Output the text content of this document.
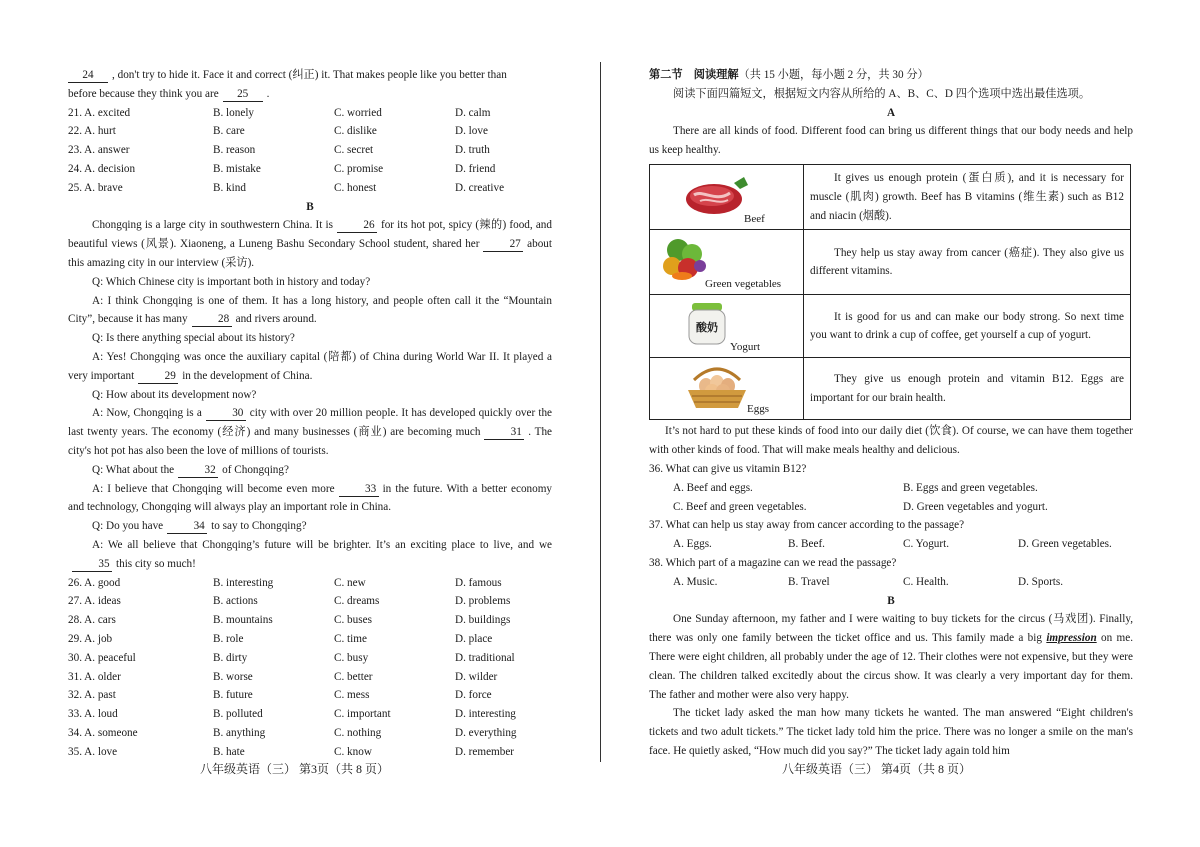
24 , don't try to hide it. Face it and correct (纠正) it. That makes people like you better than
before because they think you are 25 .
21. A. excited	B. lonely	C. worried	D. calm
22. A. hurt	B. care	C. dislike	D. love
23. A. answer	B. reason	C. secret	D. truth
24. A. decision	B. mistake	C. promise	D. friend
25. A. brave	B. kind	C. honest	D. creative
B
Chongqing is a large city in southwestern China. It is	26 for its hot pot, spicy (辣的) food, and beautiful views (风景). Xiaoneng, a Luneng Bashu Secondary School student, shared her	27 about this amazing city in our interview (采访).
Q: Which Chinese city is important both in history and today?
A: I think Chongqing is one of them. It has a long history, and people often call it the “Mountain City”, because it has many	28 and rivers around.
Q: Is there anything special about its history?
A: Yes! Chongqing was once the auxiliary capital (陪都) of China during World War II. It played a very important	29 in the development of China.
Q: How about its development now?
A: Now, Chongqing is a	30 city with over 20 million people. It has developed quickly over the last twenty years. The economy (经济) and many businesses (商业) are becoming much	31 . The city's hot pot has also been the love of millions of tourists.
Q: What about the	32 of Chongqing?
A: I believe that Chongqing will become even more	33 in the future. With a better economy and technology, Chongqing will always play an important role in China.
Q: Do you have	34 to say to Chongqing?
A: We all believe that Chongqing’s future will be brighter. It’s an exciting place to live, and we35 this city so much!
26. A. good	B. interesting	C. new	D. famous
27. A. ideas	B. actions	C. dreams	D. problems
28. A. cars	B. mountains	C. buses	D. buildings
29. A. job	B. role	C. time	D. place
30. A. peaceful	B. dirty	C. busy	D. traditional
31. A. older	B. worse	C. better	D. wilder
32. A. past	B. future	C. mess	D. force
33. A. loud	B. polluted	C. important	D. interesting
34. A. someone	B. anything	C. nothing	D. everything
35. A. love	B. hate	C. know	D. remember
第二节　阅读理解（共 15 小题，每小题 2 分，共 30 分）
阅读下面四篇短文，根据短文内容从所给的 A、B、C、D 四个选项中选出最佳选项。
A
There are all kinds of food. Different food can bring us different things that our body needs and help us keep healthy.
Beef	It gives us enough protein (蛋白质), and it is necessary for muscle (肌肉) growth. Beef has B vitamins (维生素) such as B12 and niacin (烟酸).

Green vegetables	They help us stay away from cancer (癌症). They also give us different vitamins.

酸奶
Yogurt	It is good for us and can make our body strong. So next time you want to drink a cup of coffee, get yourself a cup of yogurt.

Eggs	They give us enough protein and vitamin B12. Eggs are important for our brain health.
It’s not hard to put these kinds of food into our daily diet (饮食). Of course, we can have them together with other kinds of food. That will make meals healthy and delicious.
36. What can give us vitamin B12?
A. Beef and eggs.	B. Eggs and green vegetables.
C. Beef and green vegetables.	D. Green vegetables and yogurt.
37. What can help us stay away from cancer according to the passage?
A. Eggs.	B. Beef.	C. Yogurt.	D. Green vegetables.
38. Which part of a magazine can we read the passage?
A. Music.	B. Travel	C. Health.	D. Sports.
B
One Sunday afternoon, my father and I were waiting to buy tickets for the circus (马戏团). Finally, there was only one family between the ticket office and us. This family made a big impression on me. There were eight children, all probably under the age of 12. Their clothes were not expensive, but they were clean. The children talked excitedly about the circus show. It was clearly a very important day for them. The father and mother were also very happy.
The ticket lady asked the man how many tickets he wanted. The man answered “Eight children's tickets and two adult tickets.” The ticket lady told him the price. There was no longer a smile on the man's face. He quietly asked, “How much did you say?” The ticket lady again told him
八年级英语（三） 第3页（共 8 页）	八年级英语（三） 第4页（共 8 页）
